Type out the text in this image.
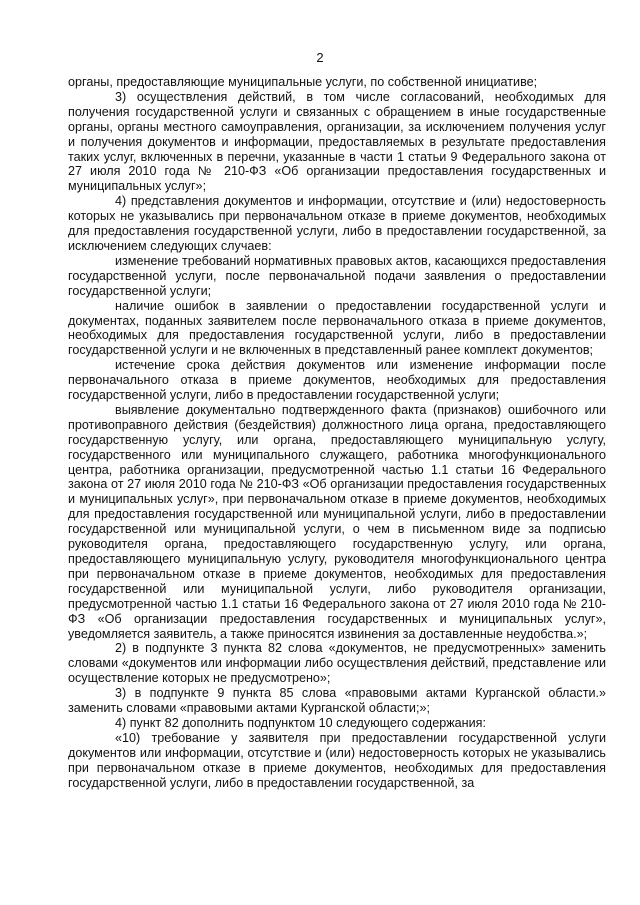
2

органы, предоставляющие муниципальные услуги, по собственной инициативе;

3) осуществления действий, в том числе согласований, необходимых для получения государственной услуги и связанных с обращением в иные государственные органы, органы местного самоуправления, организации, за исключением получения услуг и получения документов и информации, предоставляемых в результате предоставления таких услуг, включенных в перечни, указанные в части 1 статьи 9 Федерального закона от 27 июля 2010 года № 210-ФЗ «Об организации предоставления государственных и муниципальных услуг»;

4) представления документов и информации, отсутствие и (или) недостоверность которых не указывались при первоначальном отказе в приеме документов, необходимых для предоставления государственной услуги, либо в предоставлении государственной, за исключением следующих случаев:

изменение требований нормативных правовых актов, касающихся предоставления государственной услуги, после первоначальной подачи заявления о предоставлении государственной услуги;

наличие ошибок в заявлении о предоставлении государственной услуги и документах, поданных заявителем после первоначального отказа в приеме документов, необходимых для предоставления государственной услуги, либо в предоставлении государственной услуги и не включенных в представленный ранее комплект документов;

истечение срока действия документов или изменение информации после первоначального отказа в приеме документов, необходимых для предоставления государственной услуги, либо в предоставлении государственной услуги;

выявление документально подтвержденного факта (признаков) ошибочного или противоправного действия (бездействия) должностного лица органа, предоставляющего государственную услугу, или органа, предоставляющего муниципальную услугу, государственного или муниципального служащего, работника многофункционального центра, работника организации, предусмотренной частью 1.1 статьи 16 Федерального закона от 27 июля 2010 года № 210-ФЗ «Об организации предоставления государственных и муниципальных услуг», при первоначальном отказе в приеме документов, необходимых для предоставления государственной или муниципальной услуги, либо в предоставлении государственной или муниципальной услуги, о чем в письменном виде за подписью руководителя органа, предоставляющего государственную услугу, или органа, предоставляющего муниципальную услугу, руководителя многофункционального центра при первоначальном отказе в приеме документов, необходимых для предоставления государственной или муниципальной услуги, либо руководителя организации, предусмотренной частью 1.1 статьи 16 Федерального закона от 27 июля 2010 года № 210-ФЗ «Об организации предоставления государственных и муниципальных услуг», уведомляется заявитель, а также приносятся извинения за доставленные неудобства.»;

2) в подпункте 3 пункта 82 слова «документов, не предусмотренных» заменить словами «документов или информации либо осуществления действий, представление или осуществление которых не предусмотрено»;

3) в подпункте 9 пункта 85 слова «правовыми актами Курганской области.» заменить словами «правовыми актами Курганской области;»;

4) пункт 82 дополнить подпунктом 10 следующего содержания:

«10) требование у заявителя при предоставлении государственной услуги документов или информации, отсутствие и (или) недостоверность которых не указывались при первоначальном отказе в приеме документов, необходимых для предоставления государственной услуги, либо в предоставлении государственной, за
